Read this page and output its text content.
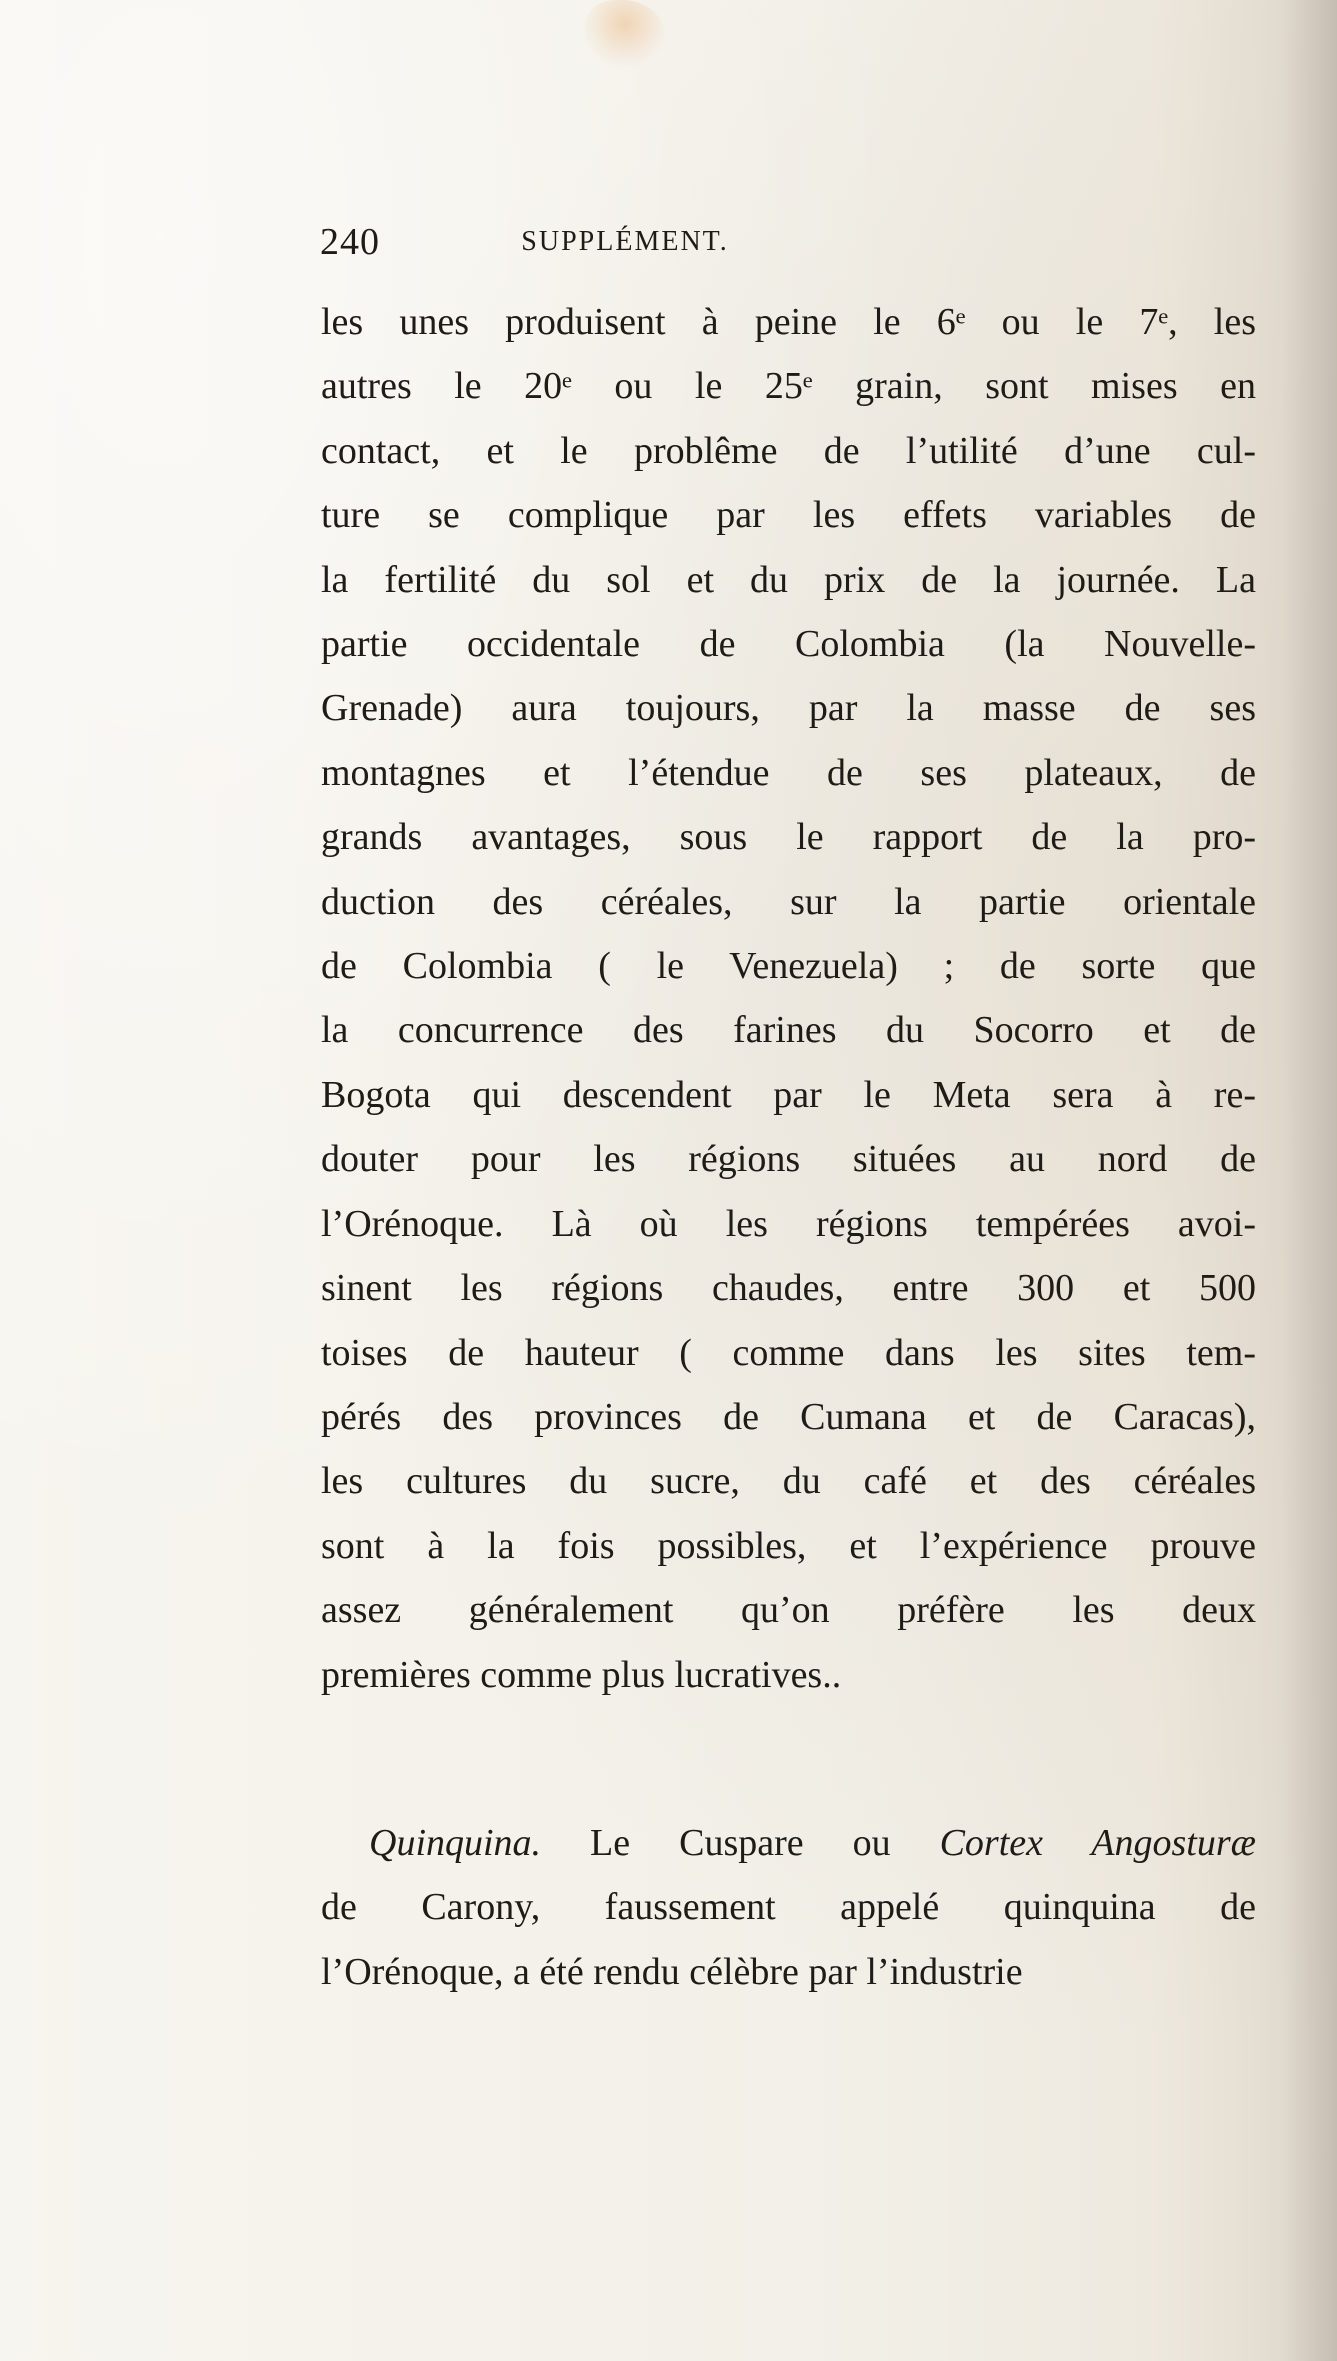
240	SUPPLÉMENT.
les unes produisent à peine le 6ᵉ ou le 7ᵉ, les
autres le 20ᵉ ou le 25ᵉ grain, sont mises en
contact, et le problême de l’utilité d’une cul-
ture se complique par les effets variables de
la fertilité du sol et du prix de la journée. La
partie occidentale de Colombia (la Nouvelle-
Grenade) aura toujours, par la masse de ses
montagnes et l’étendue de ses plateaux, de
grands avantages, sous le rapport de la pro-
duction des céréales, sur la partie orientale
de Colombia ( le Venezuela) ; de sorte que
la concurrence des farines du Socorro et de
Bogota qui descendent par le Meta sera à re-
douter pour les régions situées au nord de
l’Orénoque. Là où les régions tempérées avoi-
sinent les régions chaudes, entre 300 et 500
toises de hauteur ( comme dans les sites tem-
pérés des provinces de Cumana et de Caracas),
les cultures du sucre, du café et des céréales
sont à la fois possibles, et l’expérience prouve
assez généralement qu’on préfère les deux
premières comme plus lucratives..
Quinquina. Le Cuspare ou Cortex Angosturæ
de Carony, faussement appelé quinquina de
l’Orénoque, a été rendu célèbre par l’industrie
